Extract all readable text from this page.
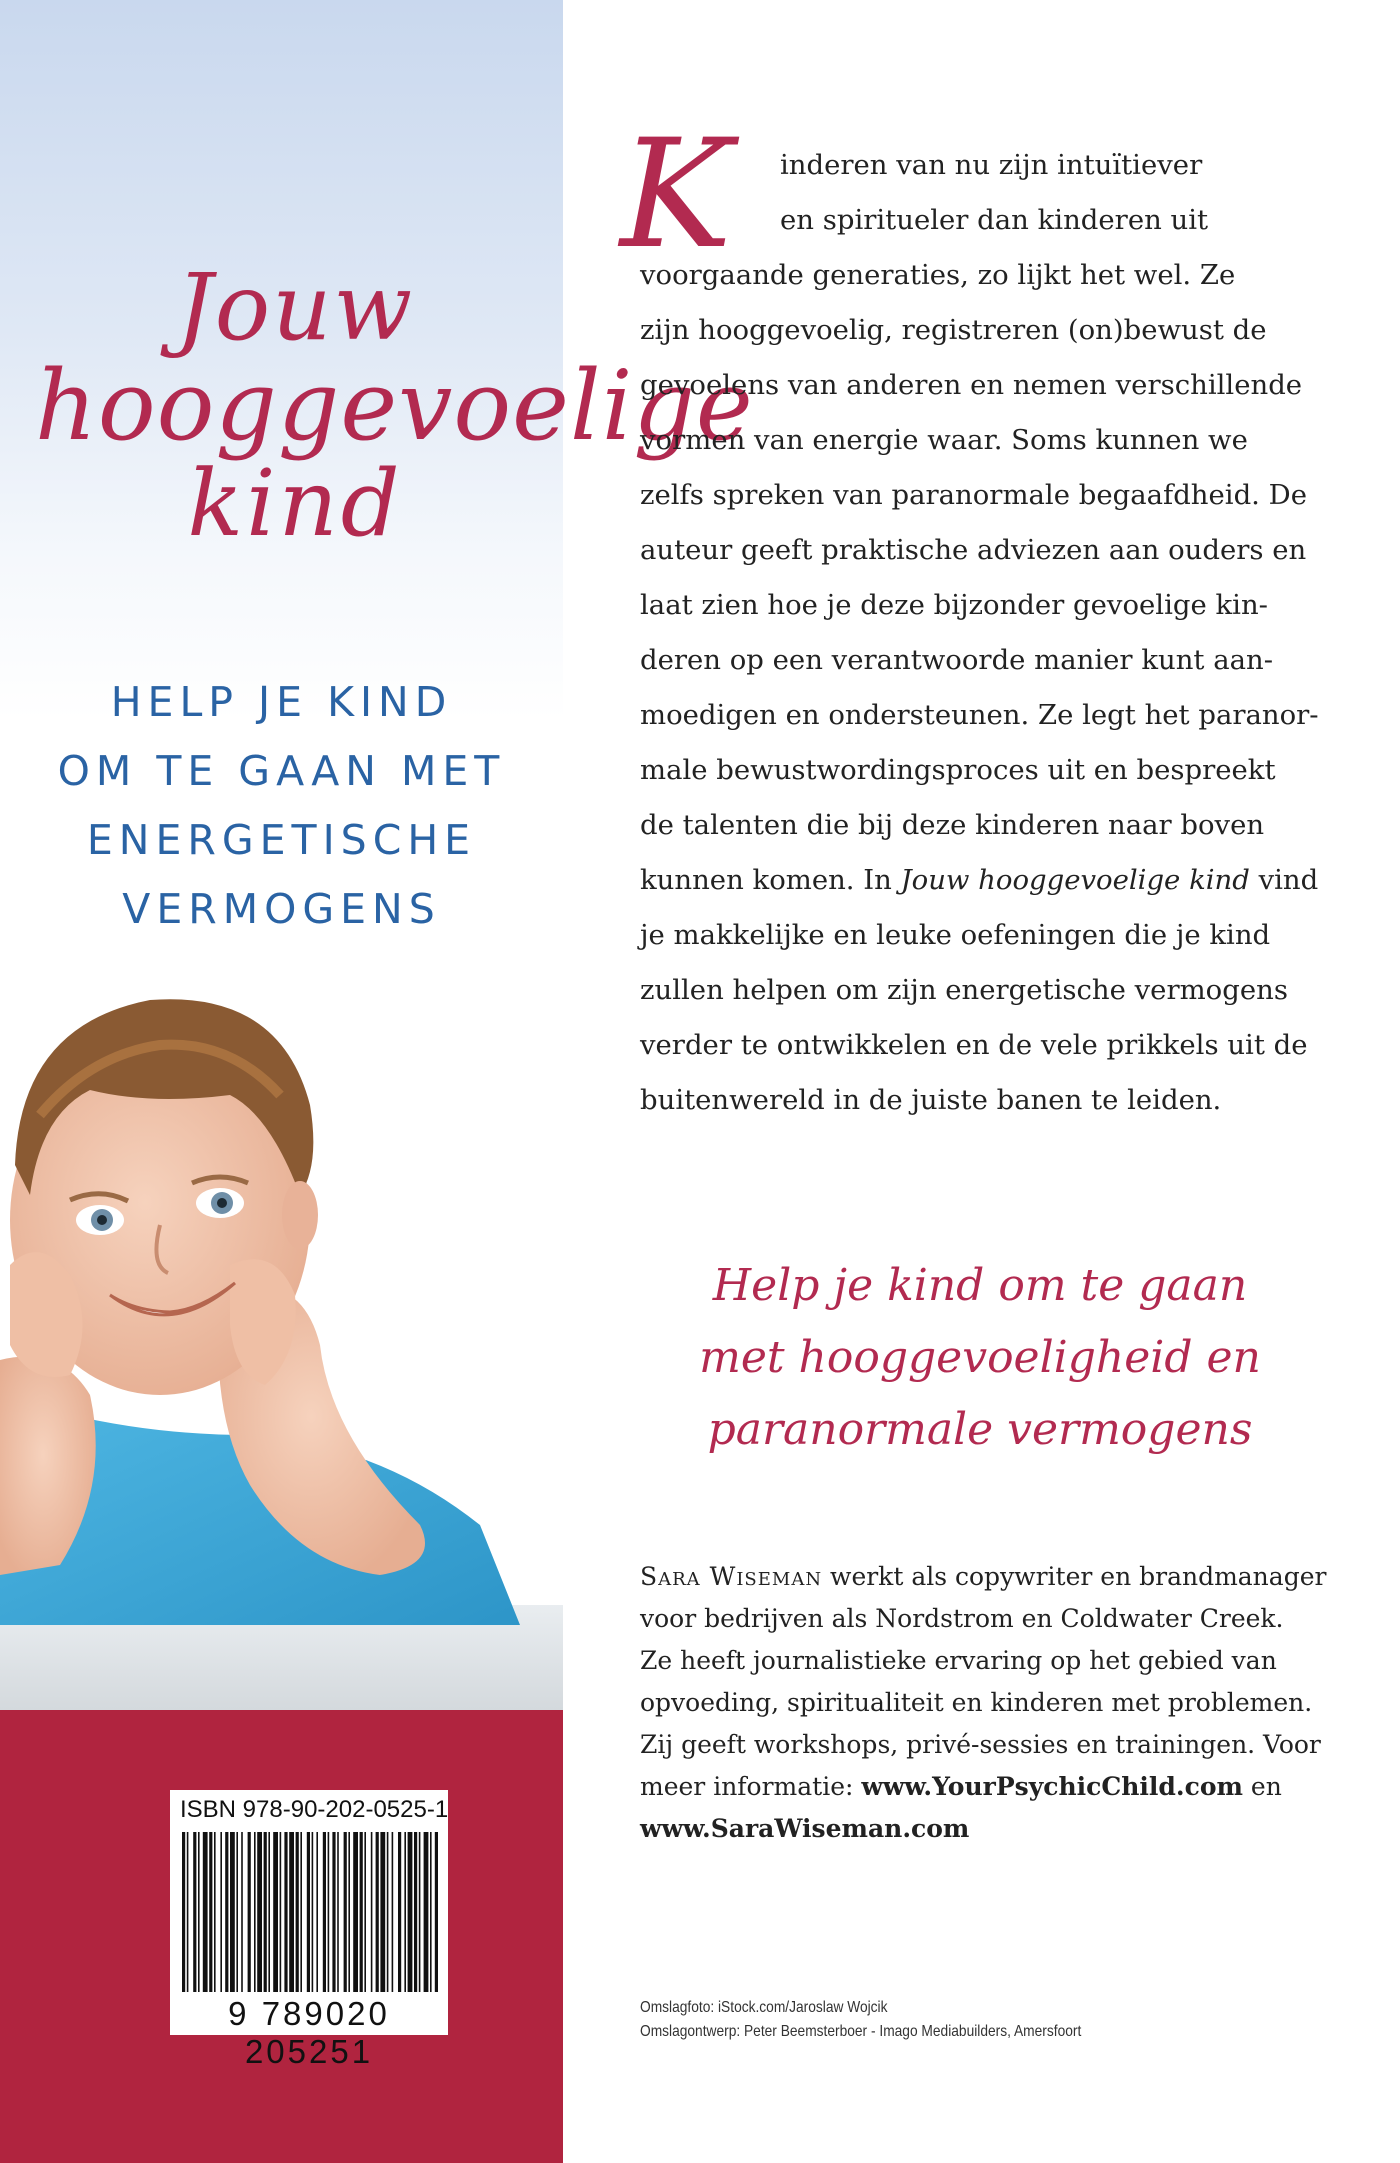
Jouw
hooggevoelige
kind
HELP JE KIND
OM TE GAAN MET
ENERGETISCHE
VERMOGENS
ISBN 978-90-202-0525-1
9 789020 205251
K	inderen van nu zijn intuïtiever
en spiritueler dan kinderen uit
voorgaande generaties, zo lijkt het wel. Ze
zijn hooggevoelig, registreren (on)bewust de
gevoelens van anderen en nemen verschillende
vormen van energie waar. Soms kunnen we
zelfs spreken van paranormale begaafdheid. De
auteur geeft praktische adviezen aan ouders en
laat zien hoe je deze bijzonder gevoelige kin-
deren op een verantwoorde manier kunt aan-
moedigen en ondersteunen. Ze legt het paranor-
male bewustwordingsproces uit en bespreekt
de talenten die bij deze kinderen naar boven
kunnen komen. In Jouw hooggevoelige kind vind
je makkelijke en leuke oefeningen die je kind
zullen helpen om zijn energetische vermogens
verder te ontwikkelen en de vele prikkels uit de
buitenwereld in de juiste banen te leiden.
Help je kind om te gaan
met hooggevoeligheid en
paranormale vermogens
Sara Wiseman werkt als copywriter en brandmanager
voor bedrijven als Nordstrom en Coldwater Creek.
Ze heeft journalistieke ervaring op het gebied van
opvoeding, spiritualiteit en kinderen met problemen.
Zij geeft workshops, privé-sessies en trainingen. Voor
meer informatie: www.YourPsychicChild.com en
www.SaraWiseman.com
Omslagfoto: iStock.com/Jaroslaw Wojcik
Omslagontwerp: Peter Beemsterboer - Imago Mediabuilders, Amersfoort
